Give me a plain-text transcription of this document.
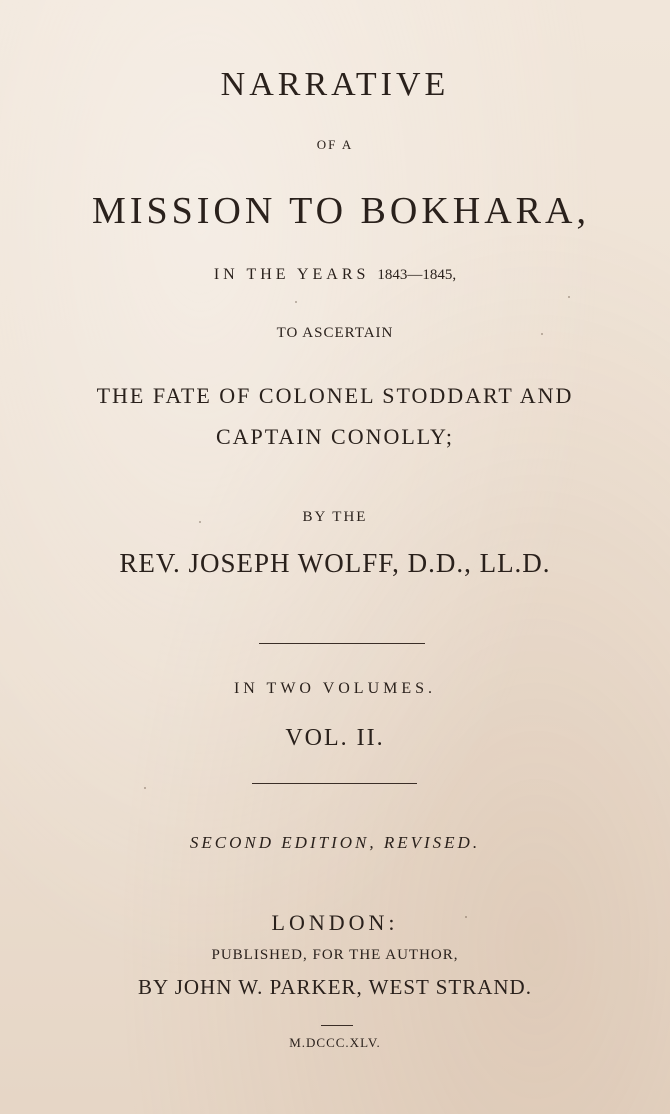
NARRATIVE
OF A
MISSION TO BOKHARA,
IN THE YEARS 1843—1845,
TO ASCERTAIN
THE FATE OF COLONEL STODDART AND
CAPTAIN CONOLLY;
BY THE
REV. JOSEPH WOLFF, D.D., LL.D.
IN TWO VOLUMES.
VOL. II.
SECOND EDITION, REVISED.
LONDON:
PUBLISHED, FOR THE AUTHOR,
BY JOHN W. PARKER, WEST STRAND.
M.DCCC.XLV.
